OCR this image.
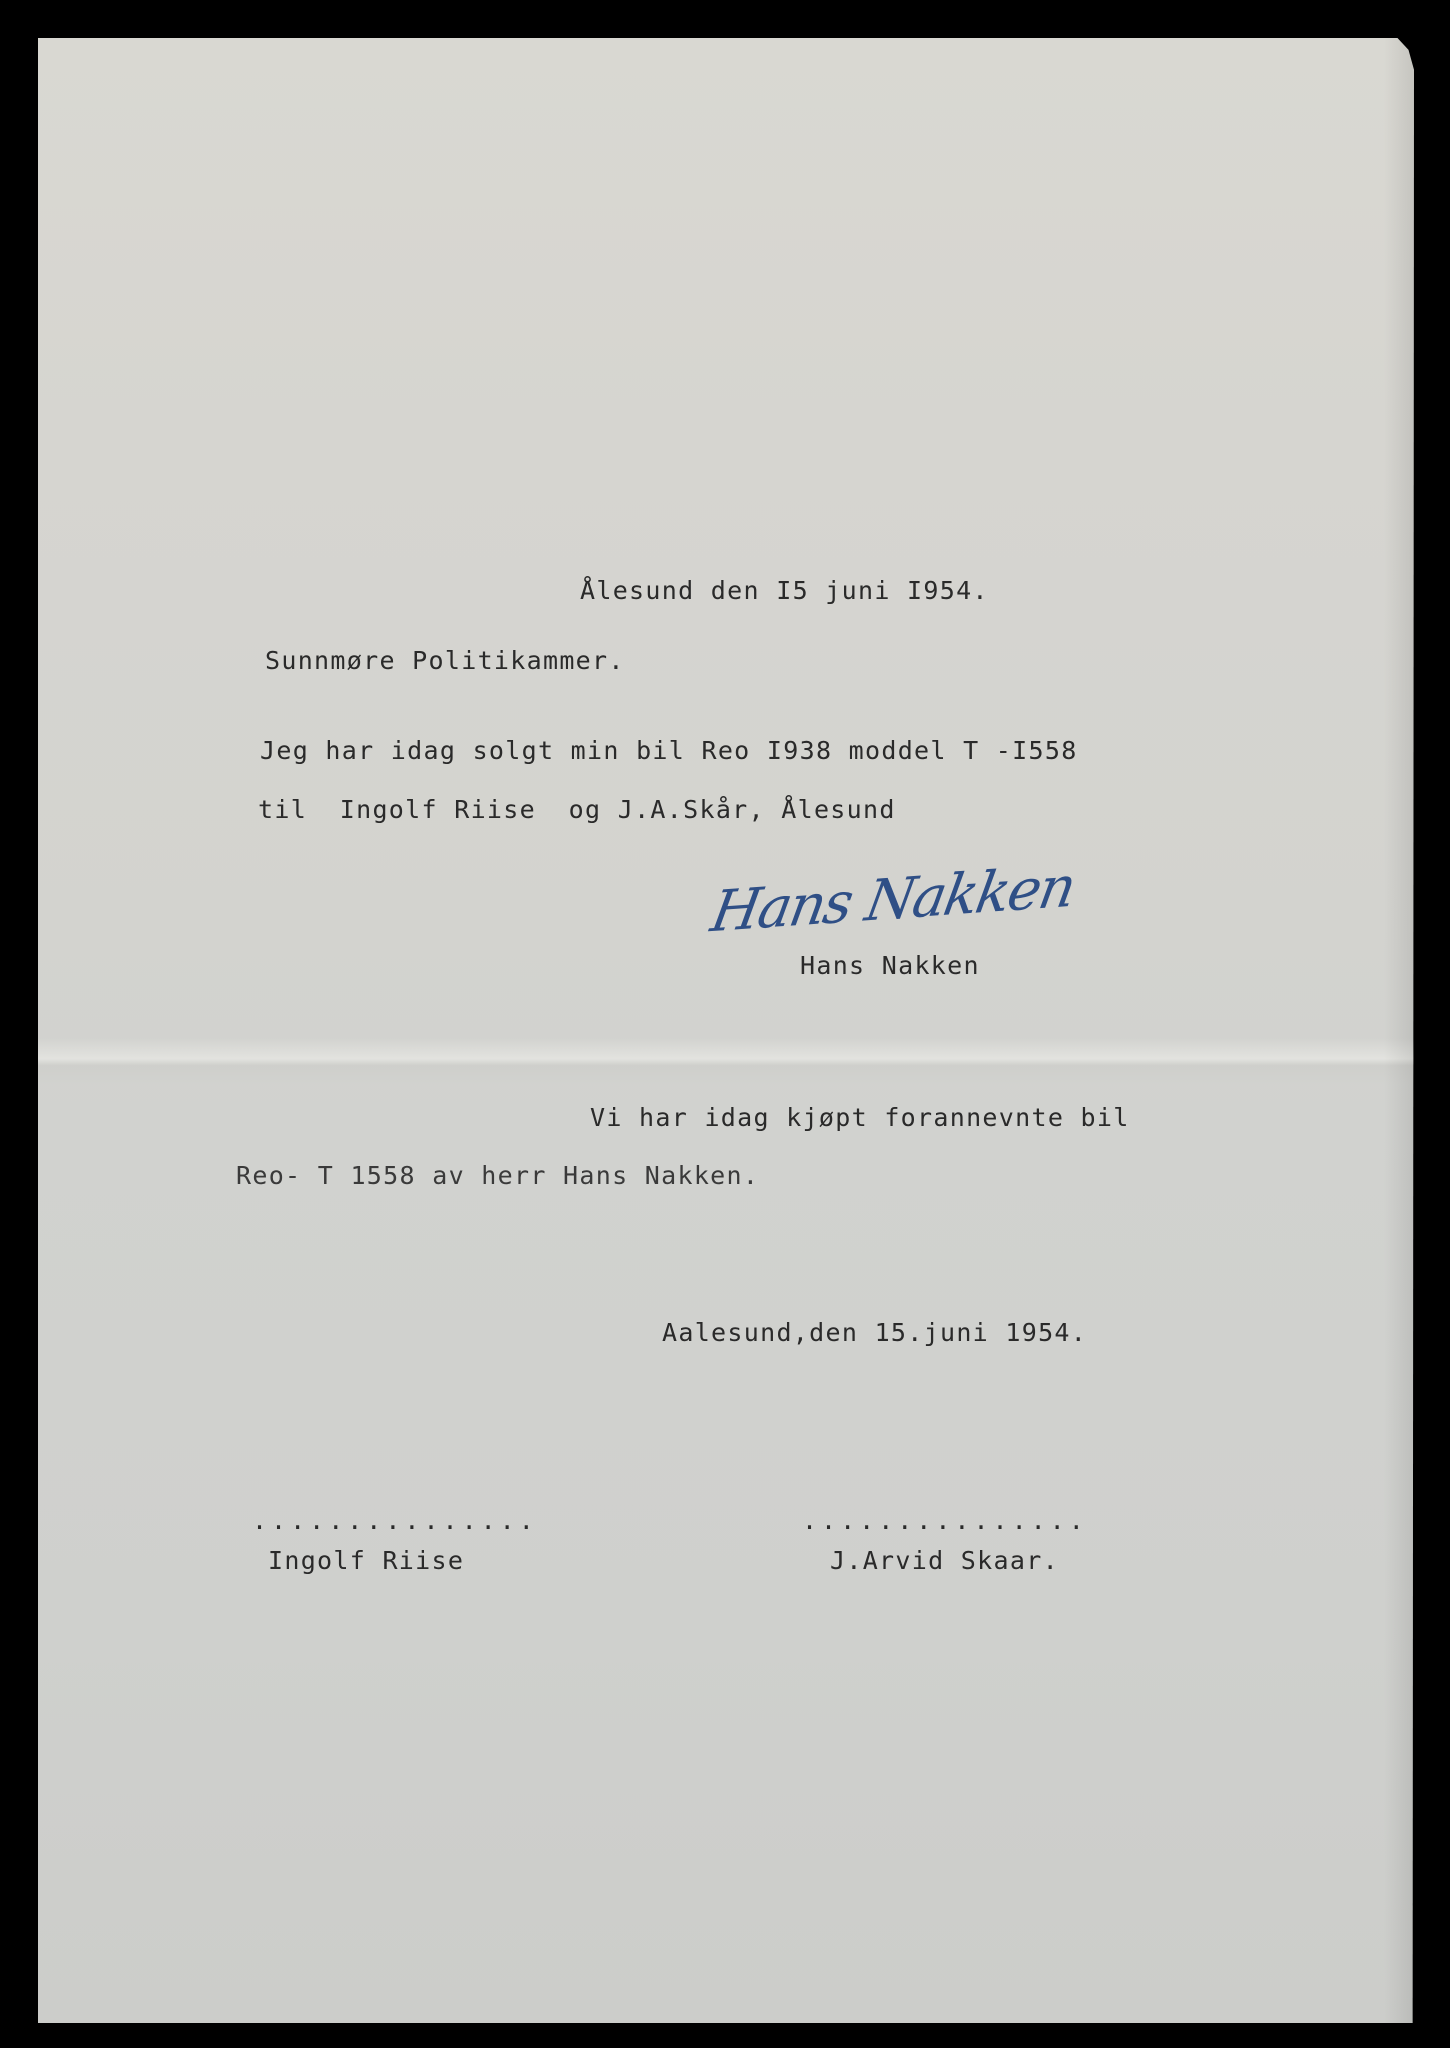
Ålesund den I5 juni I954.
Sunnmøre Politikammer.
Jeg har idag solgt min bil Reo I938 moddel T -I558
til  Ingolf Riise  og J.A.Skår, Ålesund
Hans Nakken
Hans Nakken
Vi har idag kjøpt forannevnte bil
Reo- T 1558 av herr Hans Nakken.
Aalesund,den 15.juni 1954.
...............
Ingolf Riise
...............
J.Arvid Skaar.
